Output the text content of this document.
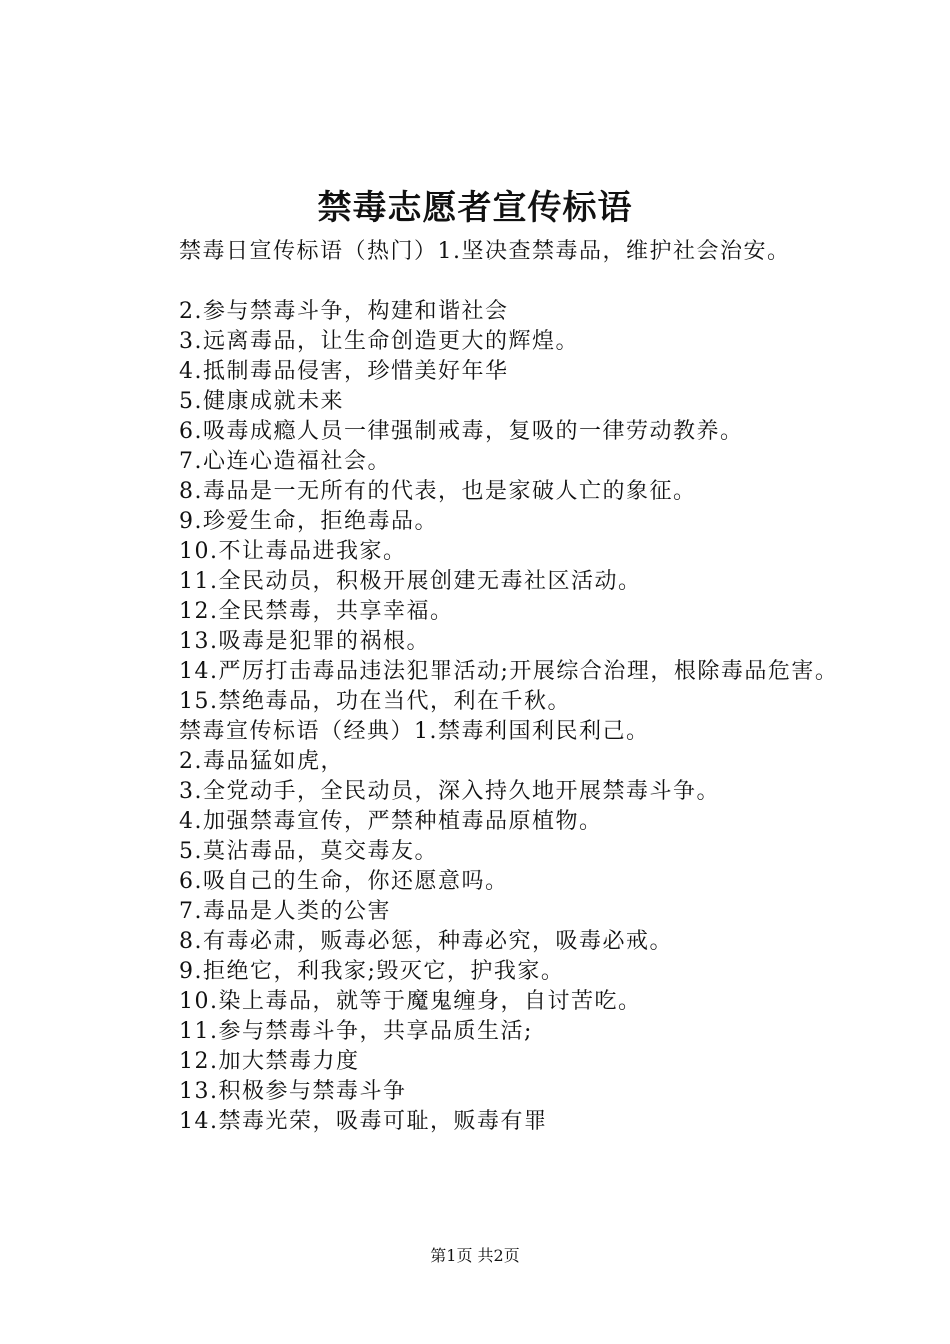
禁毒志愿者宣传标语

禁毒日宣传标语（热门）1.坚决查禁毒品，维护社会治安。

2.参与禁毒斗争，构建和谐社会

3.远离毒品，让生命创造更大的辉煌。

4.抵制毒品侵害，珍惜美好年华

5.健康成就未来

6.吸毒成瘾人员一律强制戒毒，复吸的一律劳动教养。

7.心连心造福社会。

8.毒品是一无所有的代表，也是家破人亡的象征。

9.珍爱生命，拒绝毒品。

10.不让毒品进我家。

11.全民动员，积极开展创建无毒社区活动。

12.全民禁毒，共享幸福。

13.吸毒是犯罪的祸根。

14.严厉打击毒品违法犯罪活动;开展综合治理，根除毒品危害。

15.禁绝毒品，功在当代，利在千秋。

禁毒宣传标语（经典）1.禁毒利国利民利己。

2.毒品猛如虎，

3.全党动手，全民动员，深入持久地开展禁毒斗争。

4.加强禁毒宣传，严禁种植毒品原植物。

5.莫沾毒品，莫交毒友。

6.吸自己的生命，你还愿意吗。

7.毒品是人类的公害

8.有毒必肃，贩毒必惩，种毒必究，吸毒必戒。

9.拒绝它，利我家;毁灭它，护我家。

10.染上毒品，就等于魔鬼缠身，自讨苦吃。

11.参与禁毒斗争，共享品质生活;

12.加大禁毒力度

13.积极参与禁毒斗争

14.禁毒光荣，吸毒可耻，贩毒有罪

第1页 共2页
